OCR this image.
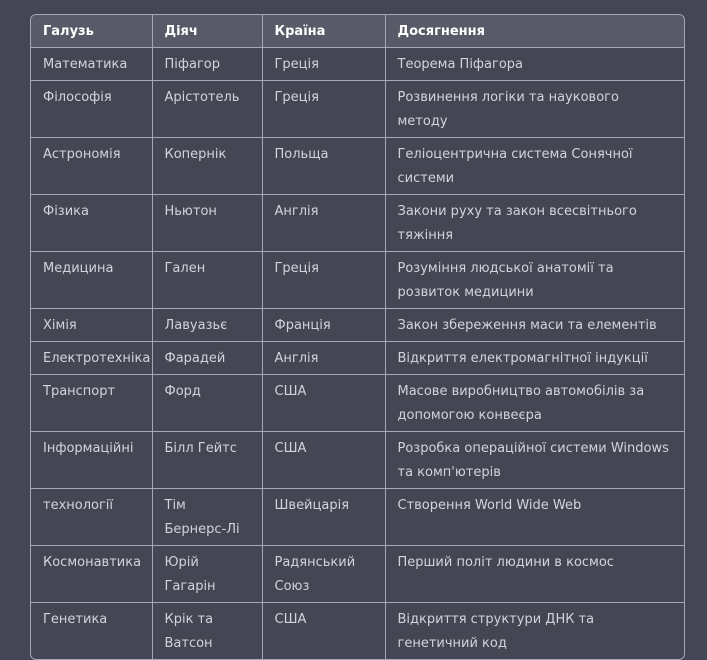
Галузь	Діяч	Країна	Досягнення
Математика	Піфагор	Греція	Теорема Піфагора
Філософія	Арістотель	Греція	Розвинення логіки та наукового методу
Астрономія	Копернік	Польща	Геліоцентрична система Сонячної системи
Фізика	Ньютон	Англія	Закони руху та закон всесвітнього тяжіння
Медицина	Гален	Греція	Розуміння людської анатомії та розвиток медицини
Хімія	Лавуазьє	Франція	Закон збереження маси та елементів
Електротехніка	Фарадей	Англія	Відкриття електромагнітної індукції
Транспорт	Форд	США	Масове виробництво автомобілів за допомогою конвеєра
Інформаційні	Білл Гейтс	США	Розробка операційної системи Windows та комп'ютерів
технології	Тім Бернерс-Лі	Швейцарія	Створення World Wide Web
Космонавтика	Юрій Гагарін	Радянський Союз	Перший політ людини в космос
Генетика	Крік та Ватсон	США	Відкриття структури ДНК та генетичний код
